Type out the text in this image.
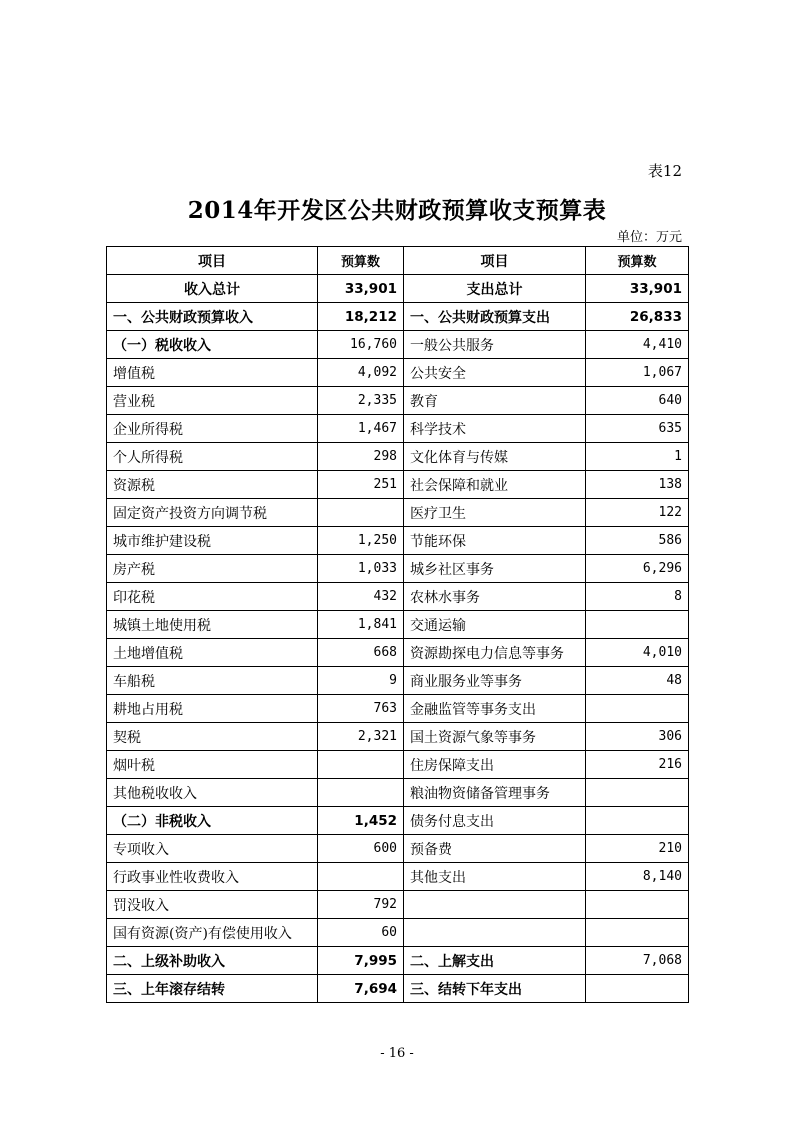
表12
2014年开发区公共财政预算收支预算表
单位：万元
项目	预算数	项目	预算数
收入总计	33,901	支出总计	33,901
一、公共财政预算收入	18,212	一、公共财政预算支出	26,833
（一）税收收入	16,760	一般公共服务	4,410
增值税	4,092	公共安全	1,067
营业税	2,335	教育	640
企业所得税	1,467	科学技术	635
个人所得税	298	文化体育与传媒	1
资源税	251	社会保障和就业	138
固定资产投资方向调节税		医疗卫生	122
城市维护建设税	1,250	节能环保	586
房产税	1,033	城乡社区事务	6,296
印花税	432	农林水事务	8
城镇土地使用税	1,841	交通运输	
土地增值税	668	资源勘探电力信息等事务	4,010
车船税	9	商业服务业等事务	48
耕地占用税	763	金融监管等事务支出	
契税	2,321	国土资源气象等事务	306
烟叶税		住房保障支出	216
其他税收收入		粮油物资储备管理事务	
（二）非税收入	1,452	债务付息支出	
专项收入	600	预备费	210
行政事业性收费收入		其他支出	8,140
罚没收入	792		
国有资源(资产)有偿使用收入	60		
二、上级补助收入	7,995	二、上解支出	7,068
三、上年滚存结转	7,694	三、结转下年支出	
- 16 -
